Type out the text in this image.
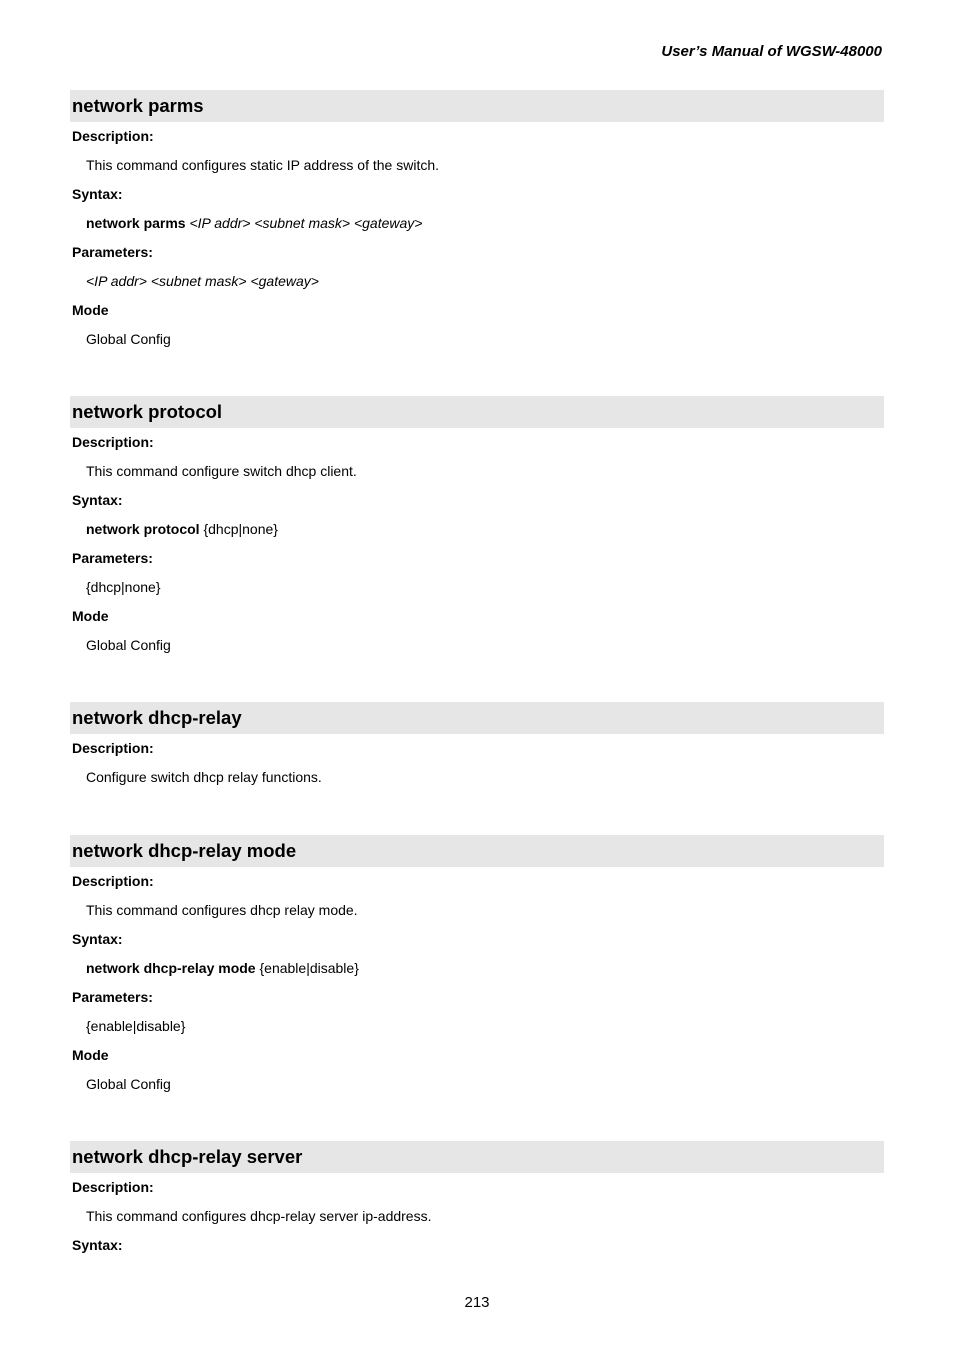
User’s Manual of WGSW-48000
network parms
Description:
This command configures static IP address of the switch.
Syntax:
network parms <IP addr> <subnet mask> <gateway>
Parameters:
<IP addr> <subnet mask> <gateway>
Mode
Global Config
network protocol
Description:
This command configure switch dhcp client.
Syntax:
network protocol {dhcp|none}
Parameters:
{dhcp|none}
Mode
Global Config
network dhcp-relay
Description:
Configure switch dhcp relay functions.
network dhcp-relay mode
Description:
This command configures dhcp relay mode.
Syntax:
network dhcp-relay mode {enable|disable}
Parameters:
{enable|disable}
Mode
Global Config
network dhcp-relay server
Description:
This command configures dhcp-relay server ip-address.
Syntax:
213
